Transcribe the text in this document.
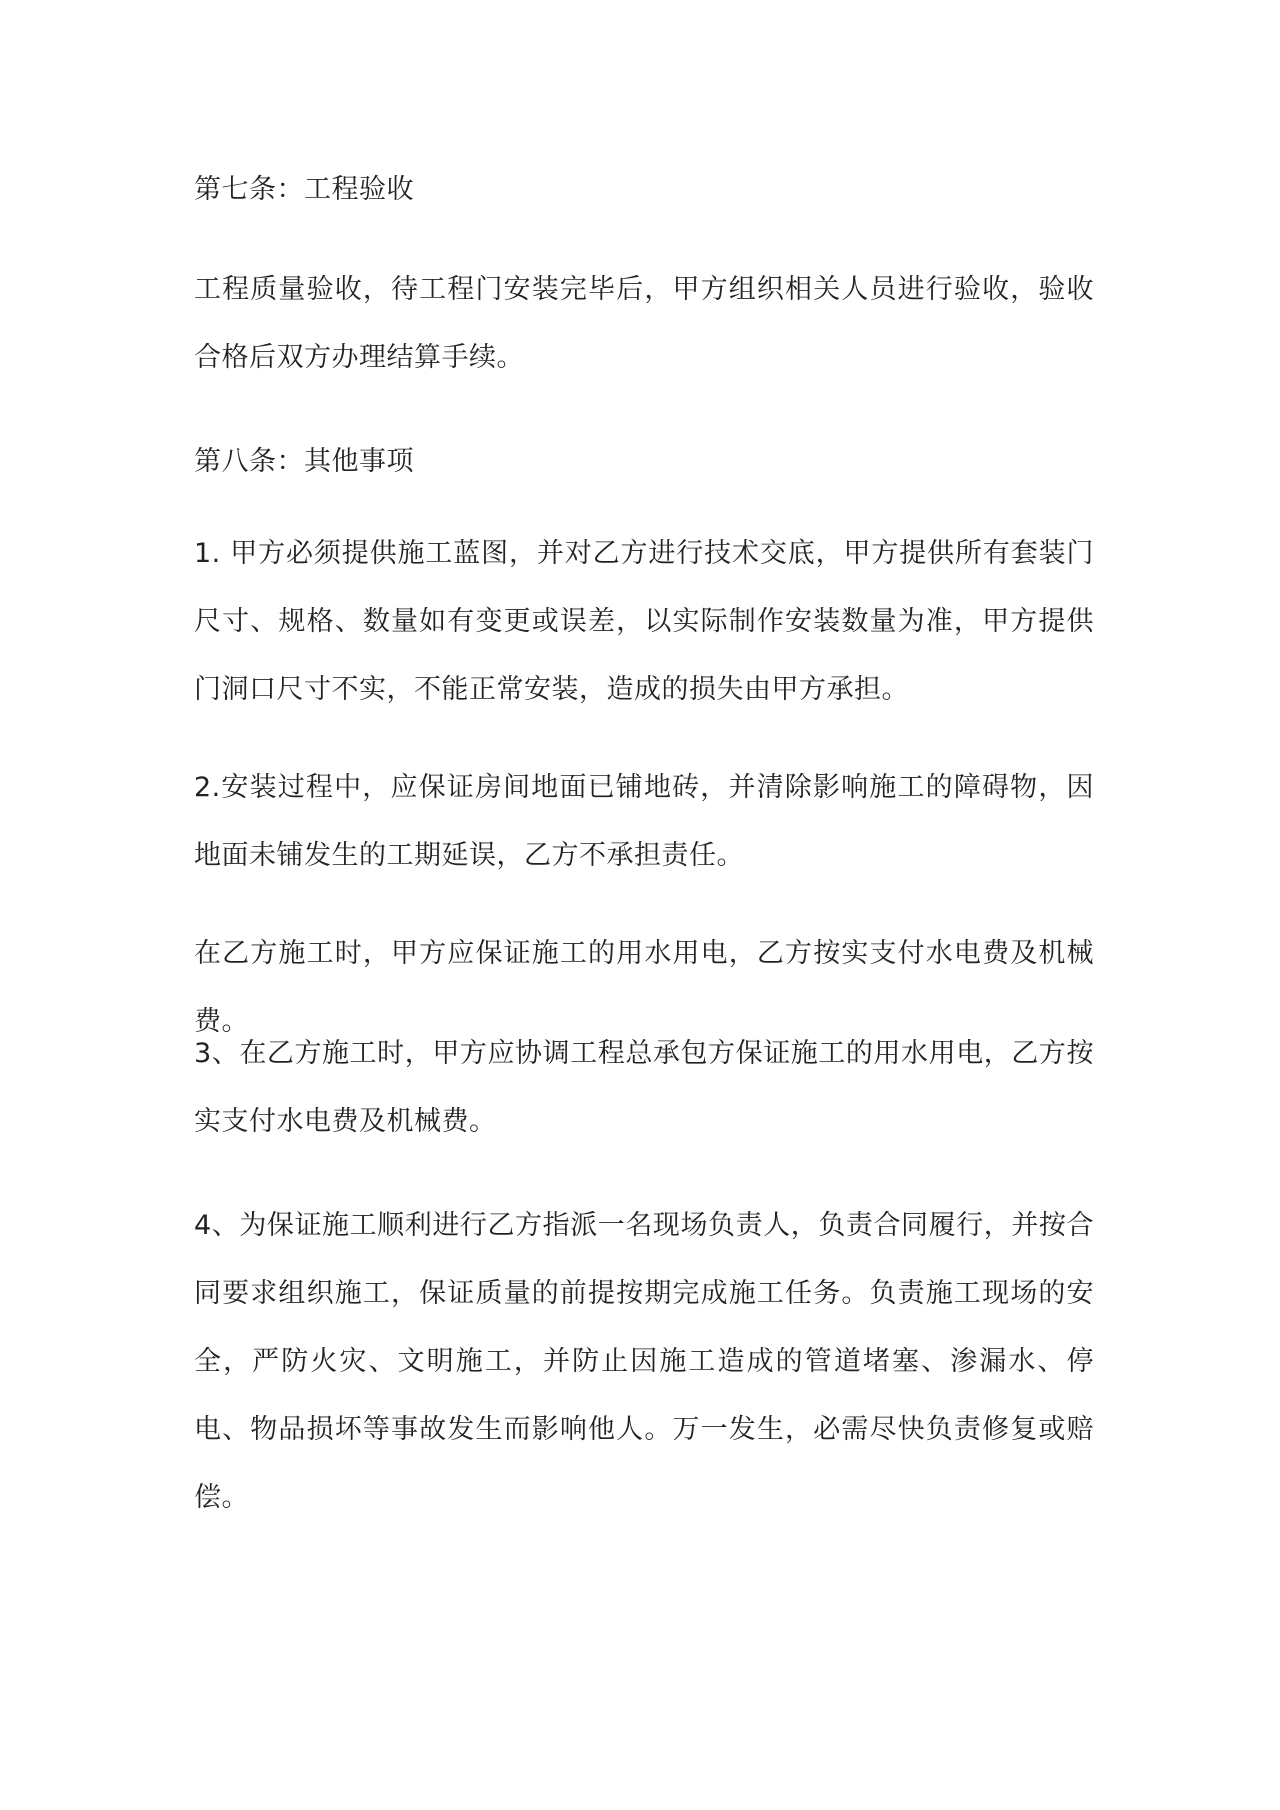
第七条：工程验收

工程质量验收，待工程门安装完毕后，甲方组织相关人员进行验收，验收合格后双方办理结算手续。

第八条：其他事项

1. 甲方必须提供施工蓝图，并对乙方进行技术交底，甲方提供所有套装门尺寸、规格、数量如有变更或误差，以实际制作安装数量为准，甲方提供门洞口尺寸不实，不能正常安装，造成的损失由甲方承担。

2.安装过程中，应保证房间地面已铺地砖，并清除影响施工的障碍物，因地面未铺发生的工期延误，乙方不承担责任。

在乙方施工时，甲方应保证施工的用水用电，乙方按实支付水电费及机械费。

3、在乙方施工时，甲方应协调工程总承包方保证施工的用水用电，乙方按实支付水电费及机械费。

4、为保证施工顺利进行乙方指派一名现场负责人，负责合同履行，并按合同要求组织施工，保证质量的前提按期完成施工任务。负责施工现场的安全，严防火灾、文明施工，并防止因施工造成的管道堵塞、渗漏水、停电、物品损坏等事故发生而影响他人。万一发生，必需尽快负责修复或赔偿。
